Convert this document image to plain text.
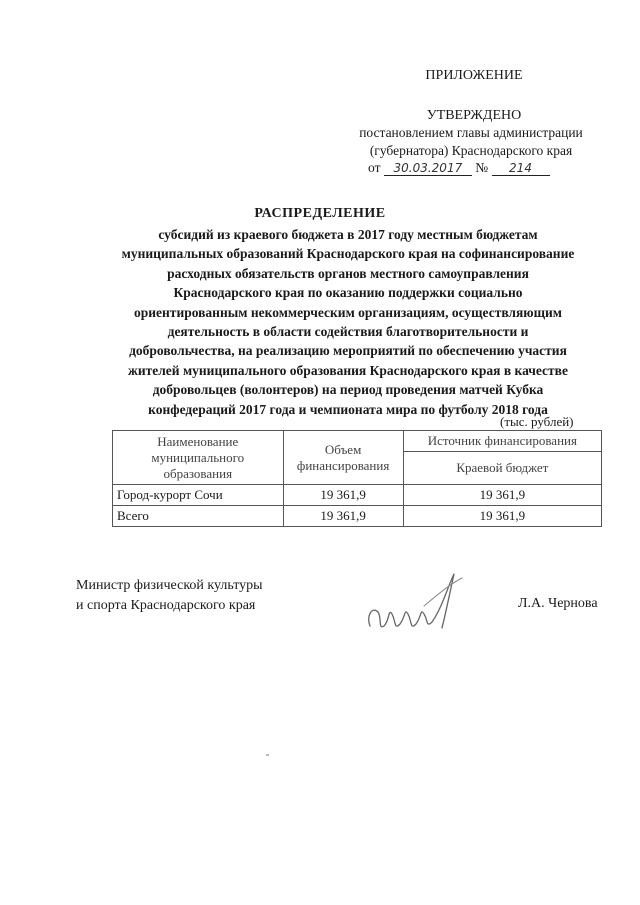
ПРИЛОЖЕНИЕ
УТВЕРЖДЕНО
постановлением главы администрации
(губернатора) Краснодарского края
от 30.03.2017 № 214
РАСПРЕДЕЛЕНИЕ
субсидий из краевого бюджета в 2017 году местным бюджетам
муниципальных образований Краснодарского края на софинансирование
расходных обязательств органов местного самоуправления
Краснодарского края по оказанию поддержки социально
ориентированным некоммерческим организациям, осуществляющим
деятельность в области содействия благотворительности и
добровольчества, на реализацию мероприятий по обеспечению участия
жителей муниципального образования Краснодарского края в качестве
добровольцев (волонтеров) на период проведения матчей Кубка
конфедераций 2017 года и чемпионата мира по футболу 2018 года
(тыс. рублей)
Наименование муниципального образования	Объем финансирования	Источник финансирования
		Краевой бюджет
Город-курорт Сочи	19 361,9	19 361,9
Всего	19 361,9	19 361,9
Министр физической культуры
и спорта Краснодарского края	Л.А. Чернова
